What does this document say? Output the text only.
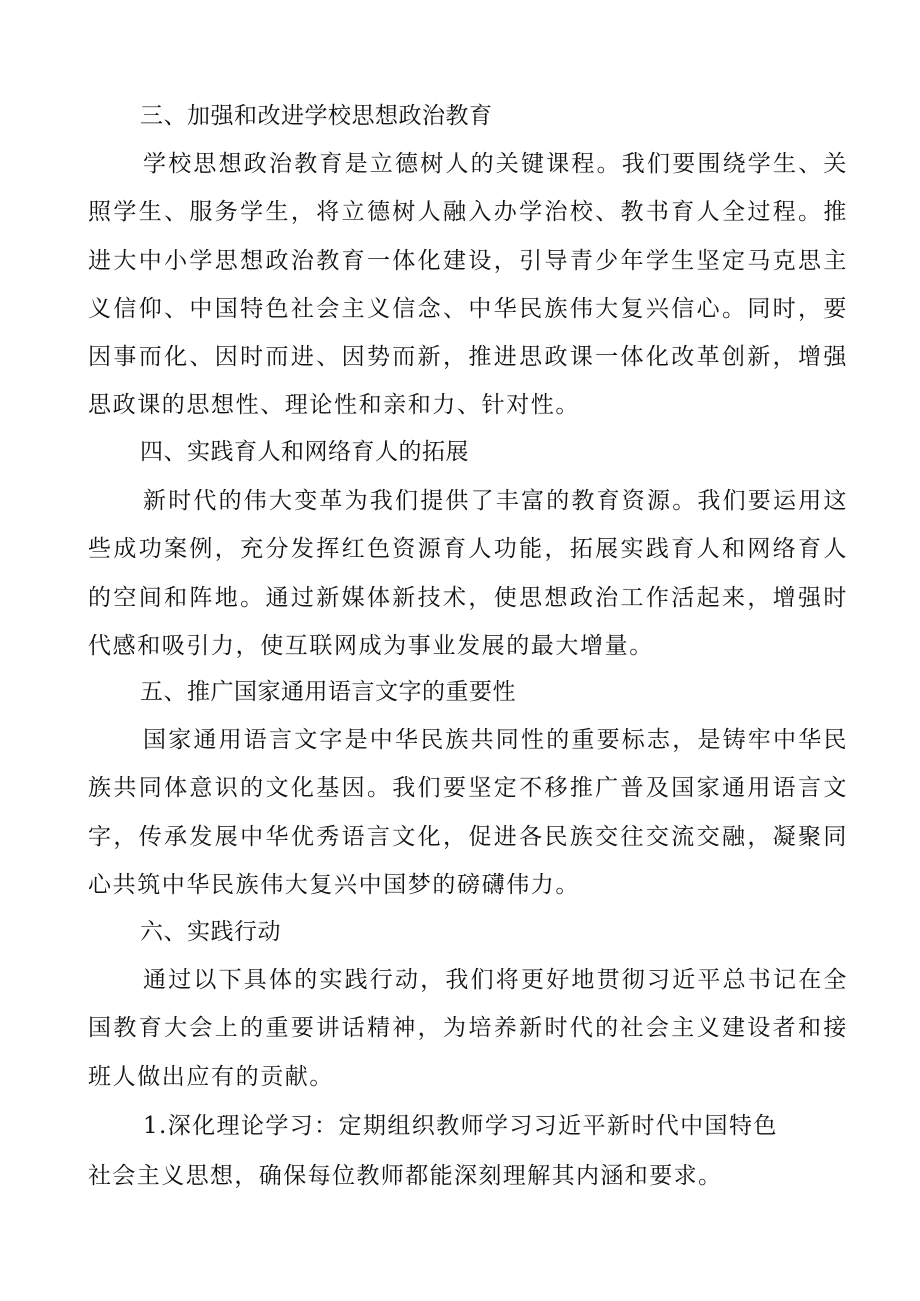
三、加强和改进学校思想政治教育
学校思想政治教育是立德树人的关键课程。我们要围绕学生、关照学生、服务学生，将立德树人融入办学治校、教书育人全过程。推进大中小学思想政治教育一体化建设，引导青少年学生坚定马克思主义信仰、中国特色社会主义信念、中华民族伟大复兴信心。同时，要因事而化、因时而进、因势而新，推进思政课一体化改革创新，增强思政课的思想性、理论性和亲和力、针对性。
四、实践育人和网络育人的拓展
新时代的伟大变革为我们提供了丰富的教育资源。我们要运用这些成功案例，充分发挥红色资源育人功能，拓展实践育人和网络育人的空间和阵地。通过新媒体新技术，使思想政治工作活起来，增强时代感和吸引力，使互联网成为事业发展的最大增量。
五、推广国家通用语言文字的重要性
国家通用语言文字是中华民族共同性的重要标志，是铸牢中华民族共同体意识的文化基因。我们要坚定不移推广普及国家通用语言文字，传承发展中华优秀语言文化，促进各民族交往交流交融，凝聚同心共筑中华民族伟大复兴中国梦的磅礴伟力。
六、实践行动
通过以下具体的实践行动，我们将更好地贯彻习近平总书记在全国教育大会上的重要讲话精神，为培养新时代的社会主义建设者和接班人做出应有的贡献。
1.深化理论学习：定期组织教师学习习近平新时代中国特色社会主义思想，确保每位教师都能深刻理解其内涵和要求。
